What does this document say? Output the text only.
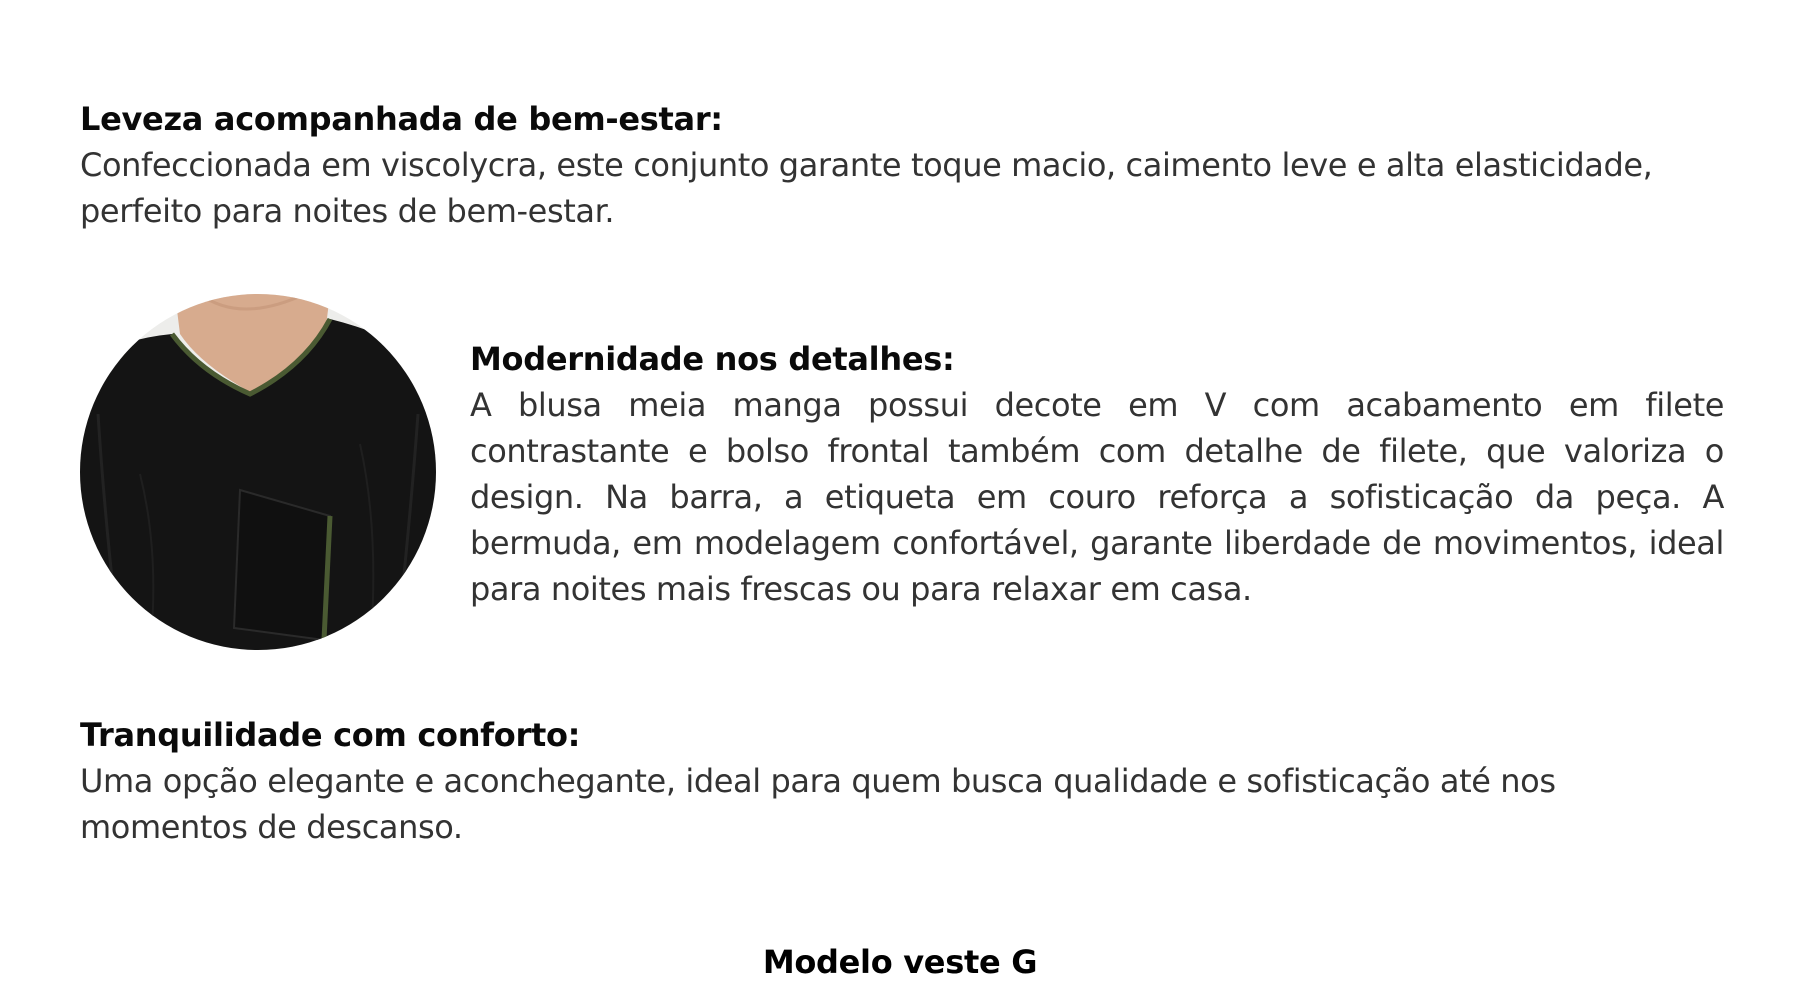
Leveza acompanhada de bem-estar:

Confeccionada em viscolycra, este conjunto garante toque macio, caimento leve e alta elasticidade, perfeito para noites de bem-estar.

Modernidade nos detalhes:

A blusa meia manga possui decote em V com acabamento em filete contrastante e bolso frontal também com detalhe de filete, que valoriza o design. Na barra, a etiqueta em couro reforça a sofisticação da peça. A bermuda, em modelagem confortável, garante liberdade de movimentos, ideal para noites mais frescas ou para relaxar em casa.

Tranquilidade com conforto:

Uma opção elegante e aconchegante, ideal para quem busca qualidade e sofisticação até nos momentos de descanso.

Modelo veste G
